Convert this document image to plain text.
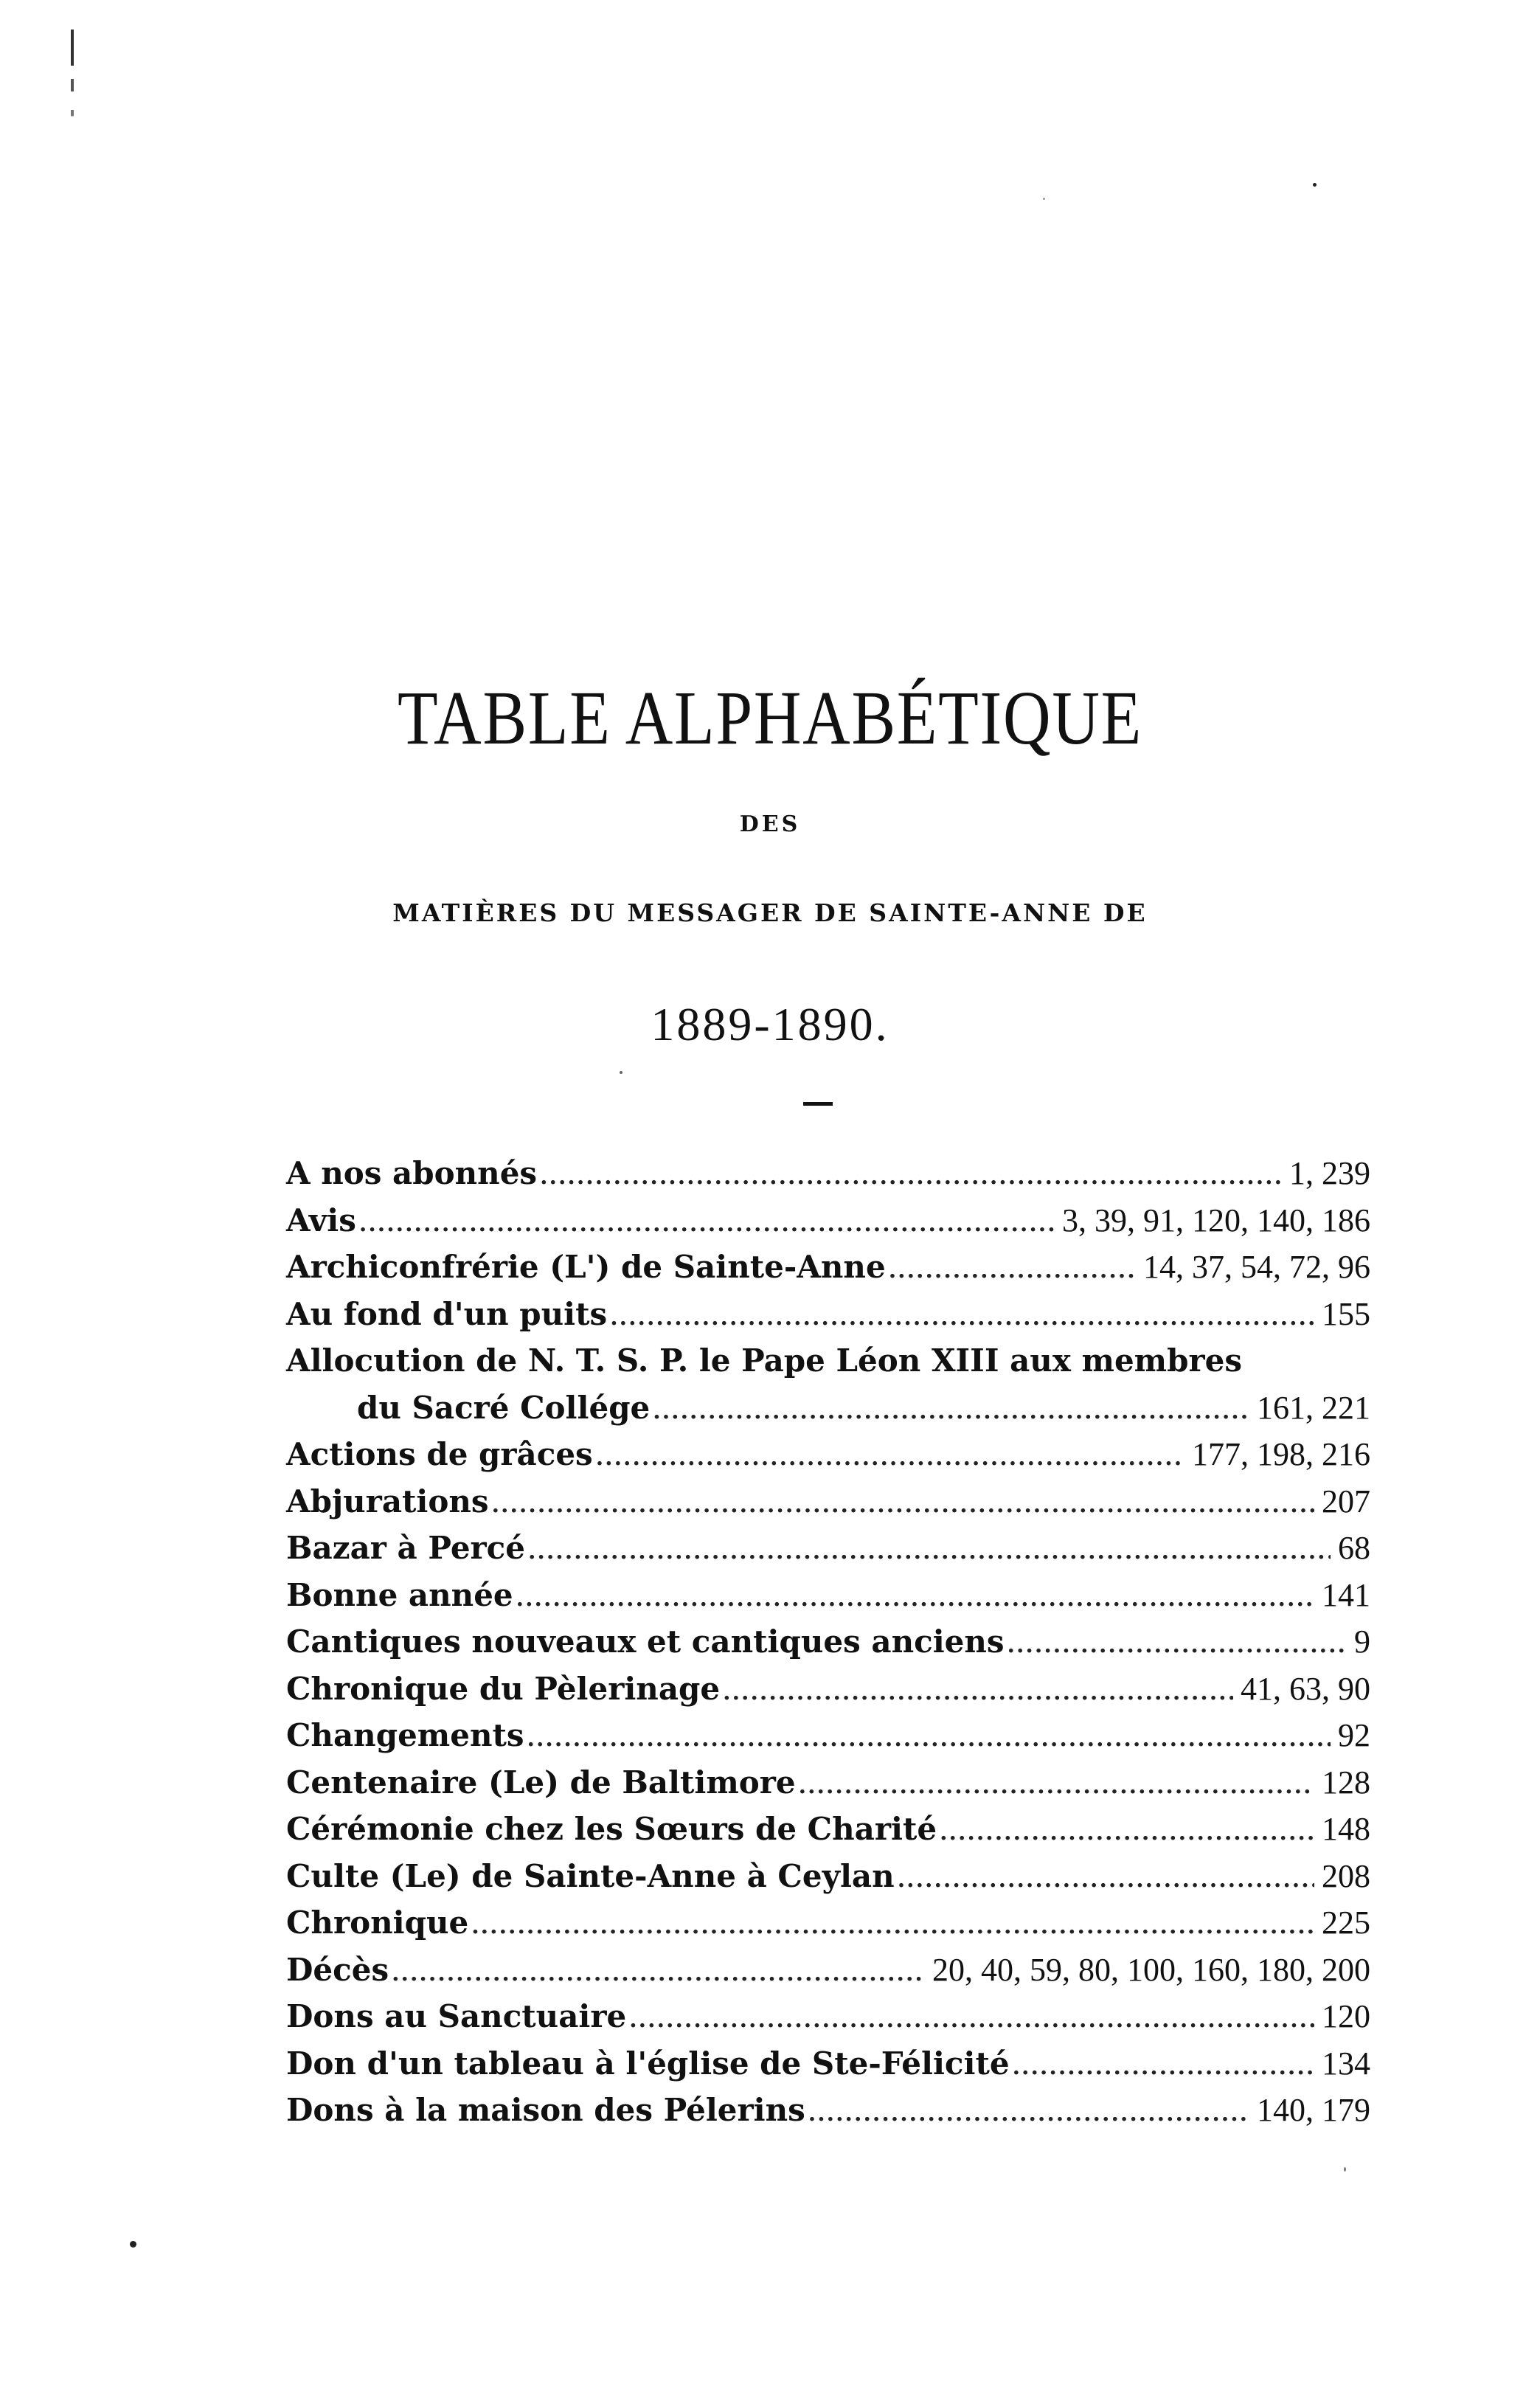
TABLE ALPHABÉTIQUE
DES
MATIÈRES DU MESSAGER DE SAINTE-ANNE DE
1889-1890.
A nos abonnés .....	1, 239
Avis .....	3, 39, 91, 120, 140, 186
Archiconfrérie (L') de Sainte-Anne .....	14, 37, 54, 72, 96
Au fond d'un puits .....	155
Allocution de N. T. S. P. le Pape Léon XIII aux membres
du Sacré Collége .....	161, 221
Actions de grâces .....	177, 198, 216
Abjurations .....	207
Bazar à Percé .....	68
Bonne année .....	141
Cantiques nouveaux et cantiques anciens .....	9
Chronique du Pèlerinage .....	41, 63, 90
Changements .....	92
Centenaire (Le) de Baltimore .....	128
Cérémonie chez les Sœurs de Charité .....	148
Culte (Le) de Sainte-Anne à Ceylan .....	208
Chronique .....	225
Décès .....	20, 40, 59, 80, 100, 160, 180, 200
Dons au Sanctuaire .....	120
Don d'un tableau à l'église de Ste-Félicité .....	134
Dons à la maison des Pélerins .....	140, 179
